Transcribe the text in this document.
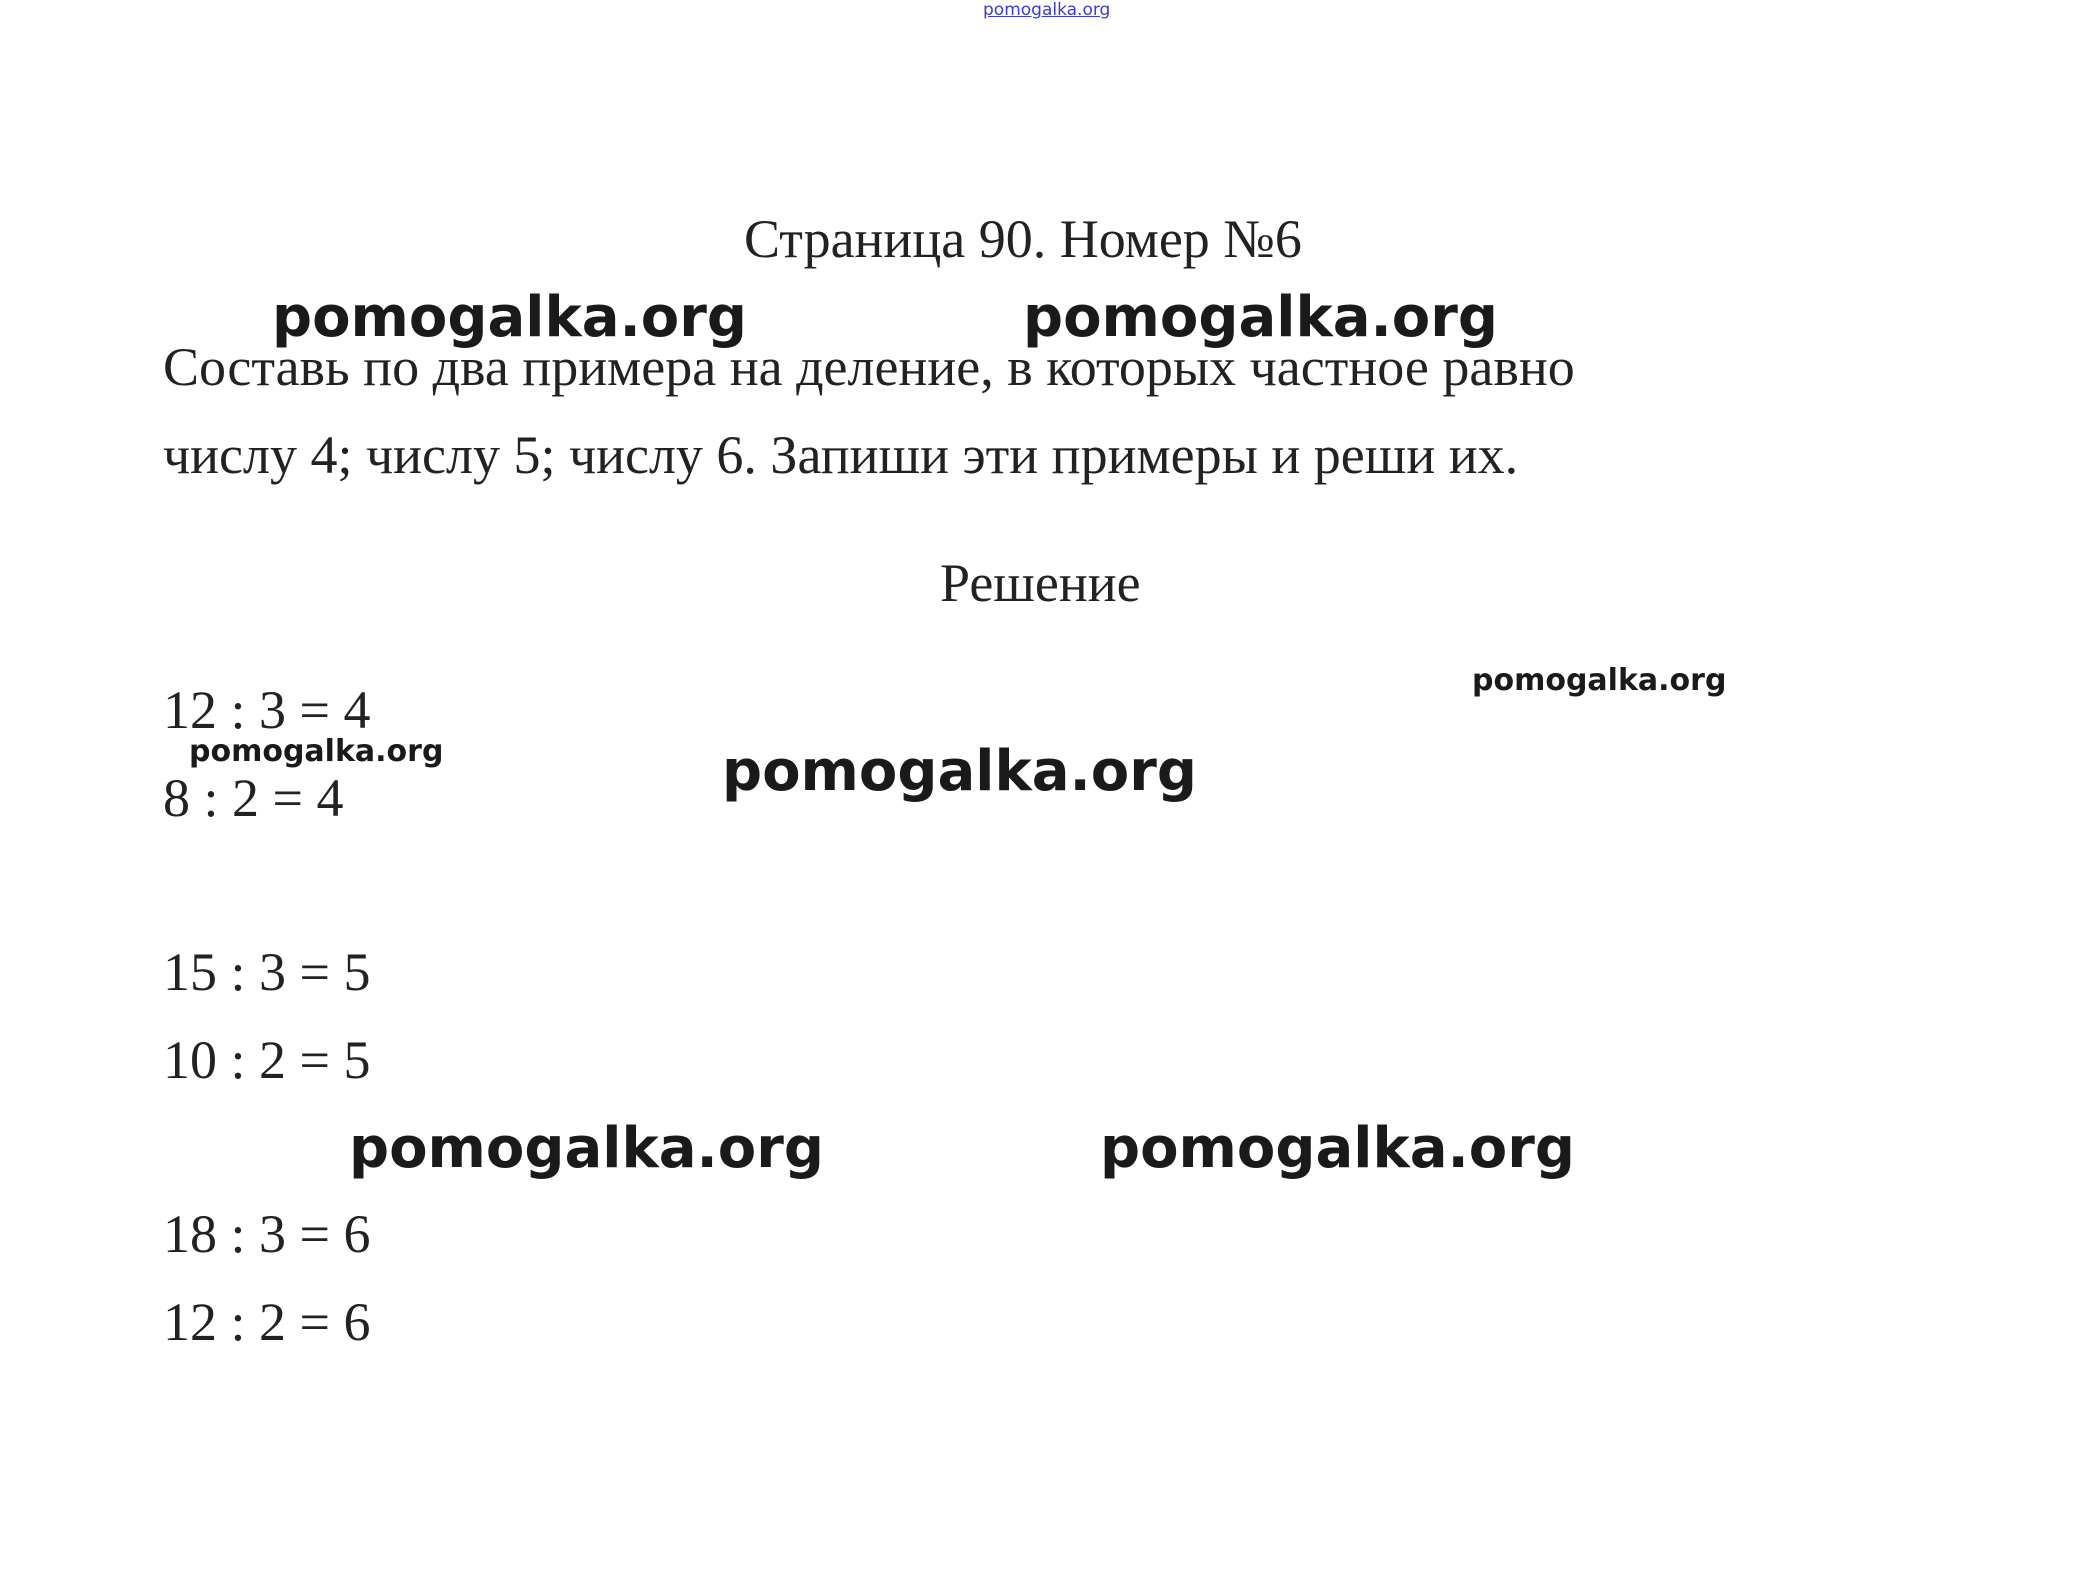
pomogalka.org
Страница 90. Номер №6
Составь по два примера на деление, в которых частное равно
числу 4; числу 5; числу 6. Запиши эти примеры и реши их.
Решение
12 : 3 = 4
8 : 2 = 4
15 : 3 = 5
10 : 2 = 5
18 : 3 = 6
12 : 2 = 6
pomogalka.org	pomogalka.org
pomogalka.org
pomogalka.org	pomogalka.org
pomogalka.org	pomogalka.org
